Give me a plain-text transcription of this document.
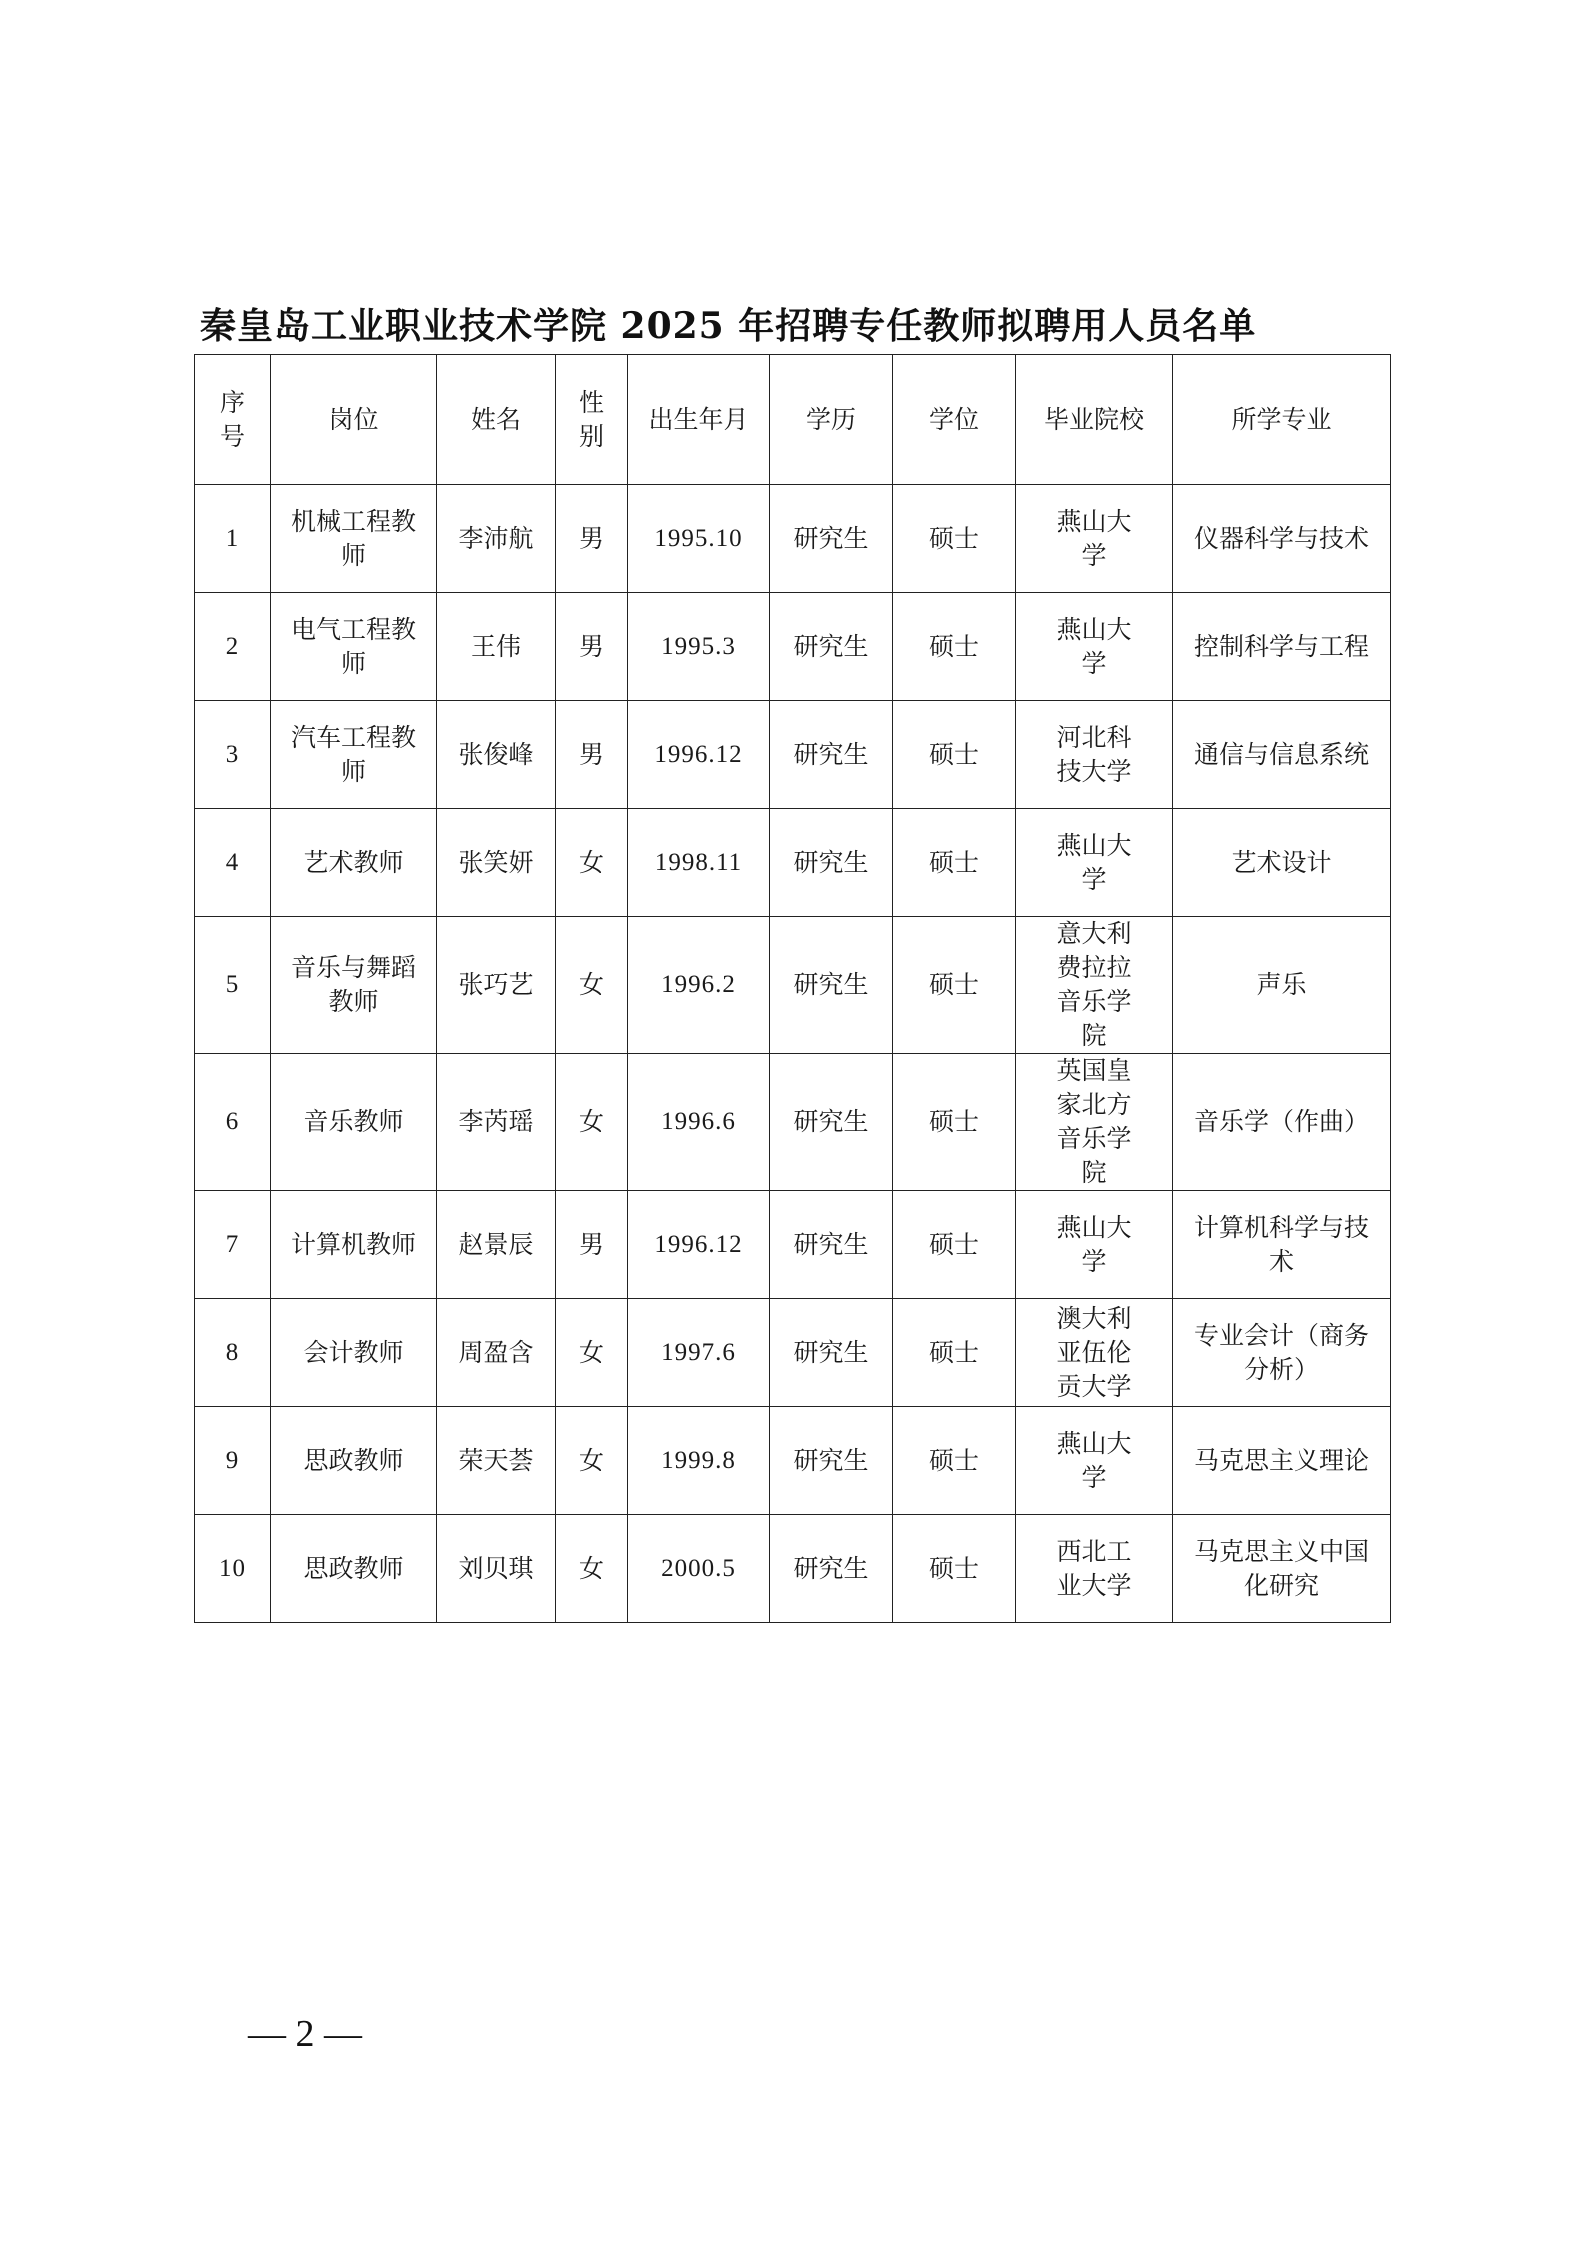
秦皇岛工业职业技术学院 2025 年招聘专任教师拟聘用人员名单
序号	岗位	姓名	性别	出生年月	学历	学位	毕业院校	所学专业
1	机械工程教师	李沛航	男	1995.10	研究生	硕士	燕山大学	仪器科学与技术
2	电气工程教师	王伟	男	1995.3	研究生	硕士	燕山大学	控制科学与工程
3	汽车工程教师	张俊峰	男	1996.12	研究生	硕士	河北科技大学	通信与信息系统
4	艺术教师	张笑妍	女	1998.11	研究生	硕士	燕山大学	艺术设计
5	音乐与舞蹈教师	张巧艺	女	1996.2	研究生	硕士	意大利费拉拉音乐学院	声乐
6	音乐教师	李芮瑶	女	1996.6	研究生	硕士	英国皇家北方音乐学院	音乐学（作曲）
7	计算机教师	赵景辰	男	1996.12	研究生	硕士	燕山大学	计算机科学与技术
8	会计教师	周盈含	女	1997.6	研究生	硕士	澳大利亚伍伦贡大学	专业会计（商务分析）
9	思政教师	荣天荟	女	1999.8	研究生	硕士	燕山大学	马克思主义理论
10	思政教师	刘贝琪	女	2000.5	研究生	硕士	西北工业大学	马克思主义中国化研究
— 2 —
